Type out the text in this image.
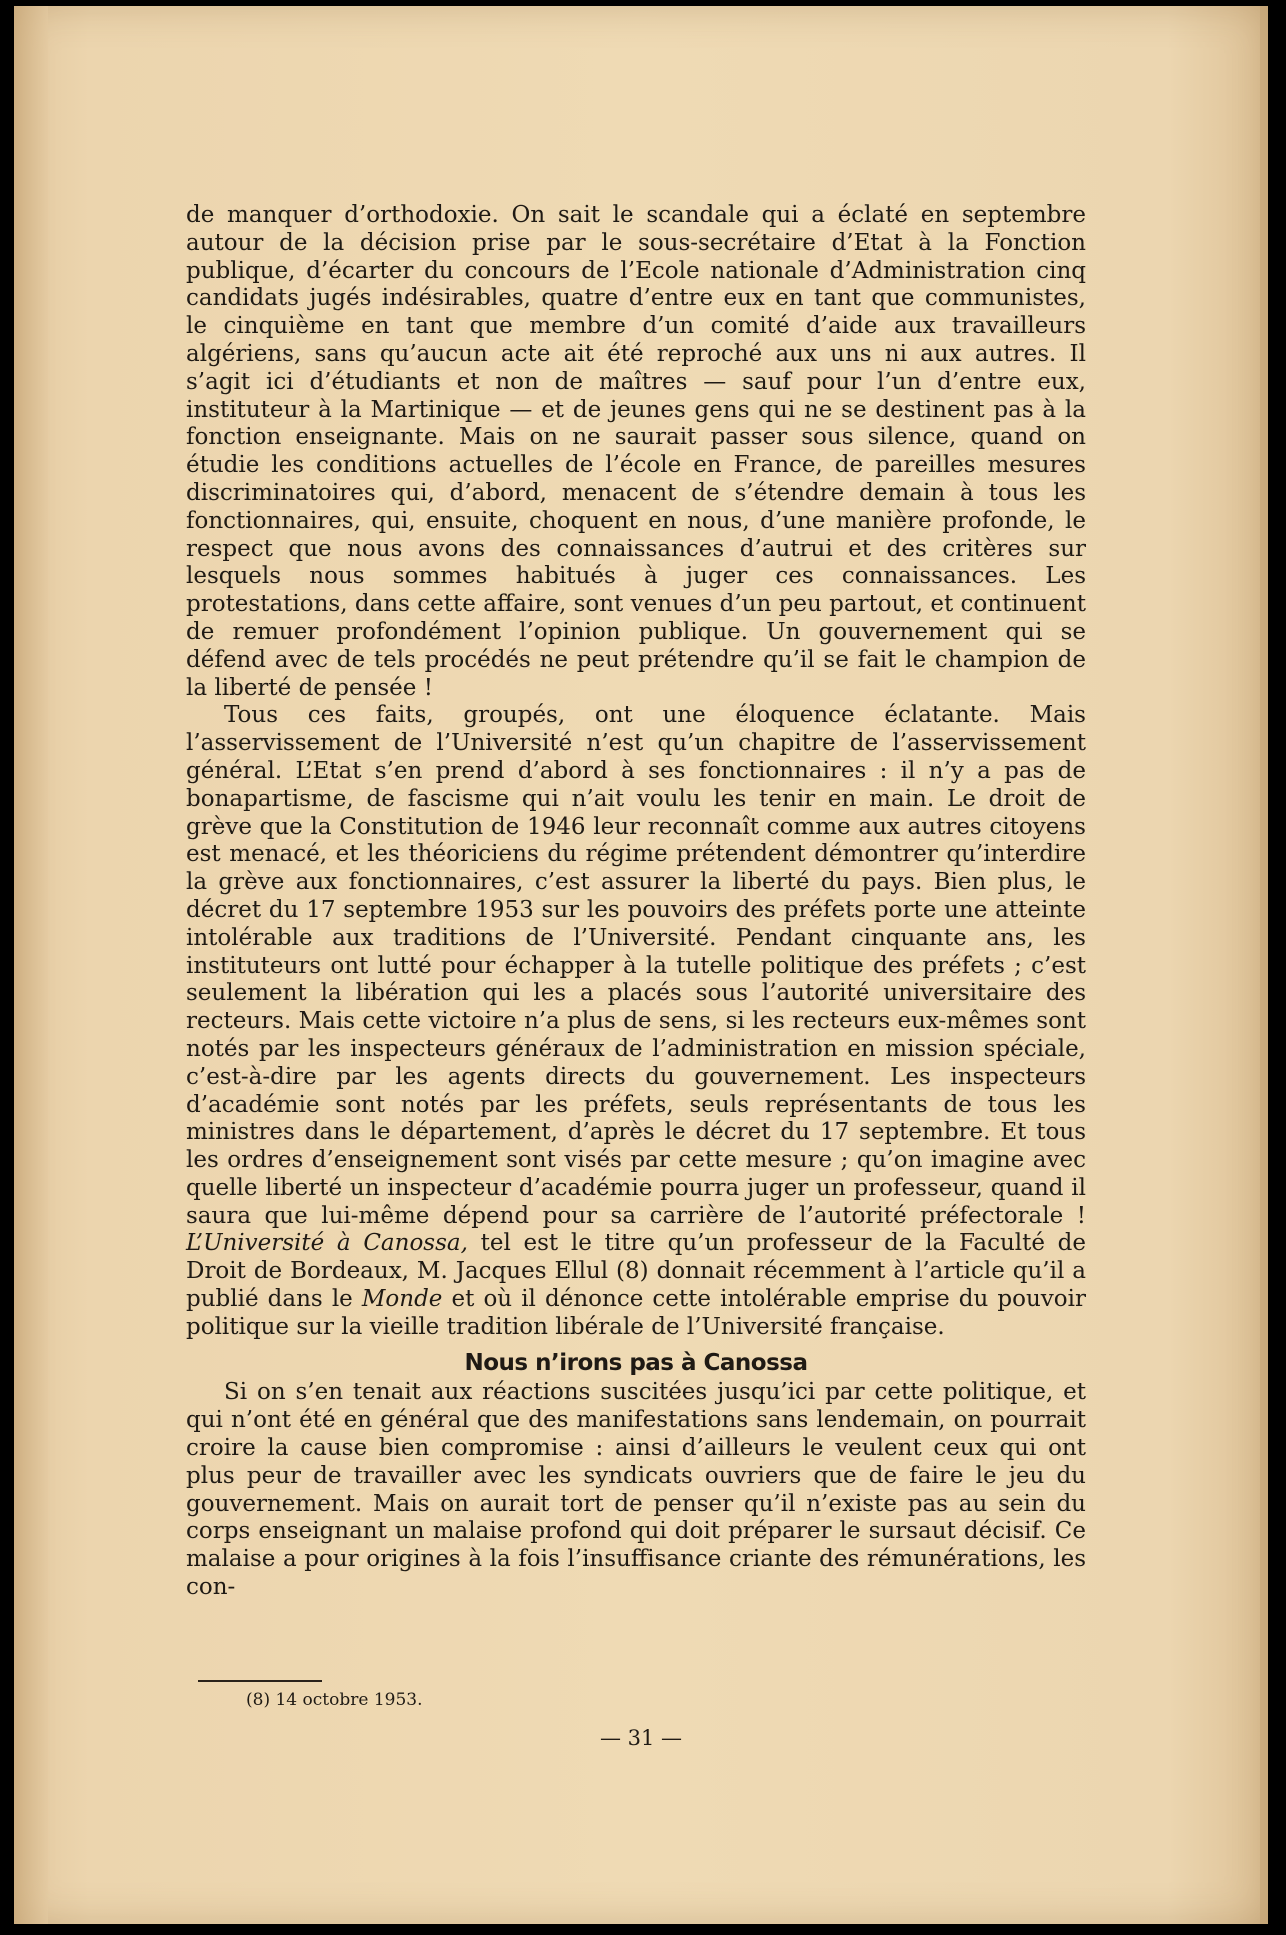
de manquer d’orthodoxie. On sait le scandale qui a éclaté en septembre autour de la décision prise par le sous-secrétaire d’Etat à la Fonction publique, d’écarter du concours de l’Ecole nationale d’Administration cinq candidats jugés indésirables, quatre d’entre eux en tant que communistes, le cinquième en tant que membre d’un comité d’aide aux travailleurs algériens, sans qu’aucun acte ait été reproché aux uns ni aux autres. Il s’agit ici d’étudiants et non de maîtres — sauf pour l’un d’entre eux, instituteur à la Martinique — et de jeunes gens qui ne se destinent pas à la fonction enseignante. Mais on ne saurait passer sous silence, quand on étudie les conditions actuelles de l’école en France, de pareilles mesures discriminatoires qui, d’abord, menacent de s’étendre demain à tous les fonctionnaires, qui, ensuite, choquent en nous, d’une manière profonde, le respect que nous avons des connaissances d’autrui et des critères sur lesquels nous sommes habitués à juger ces connaissances. Les protestations, dans cette affaire, sont venues d’un peu partout, et continuent de remuer profondément l’opinion publique. Un gouvernement qui se défend avec de tels procédés ne peut prétendre qu’il se fait le champion de la liberté de pensée !

Tous ces faits, groupés, ont une éloquence éclatante. Mais l’asservissement de l’Université n’est qu’un chapitre de l’asservissement général. L’Etat s’en prend d’abord à ses fonctionnaires : il n’y a pas de bonapartisme, de fascisme qui n’ait voulu les tenir en main. Le droit de grève que la Constitution de 1946 leur reconnaît comme aux autres citoyens est menacé, et les théoriciens du régime prétendent démontrer qu’interdire la grève aux fonctionnaires, c’est assurer la liberté du pays. Bien plus, le décret du 17 septembre 1953 sur les pouvoirs des préfets porte une atteinte intolérable aux traditions de l’Université. Pendant cinquante ans, les instituteurs ont lutté pour échapper à la tutelle politique des préfets ; c’est seulement la libération qui les a placés sous l’autorité universitaire des recteurs. Mais cette victoire n’a plus de sens, si les recteurs eux-mêmes sont notés par les inspecteurs généraux de l’administration en mission spéciale, c’est-à-dire par les agents directs du gouvernement. Les inspecteurs d’académie sont notés par les préfets, seuls représentants de tous les ministres dans le département, d’après le décret du 17 septembre. Et tous les ordres d’enseignement sont visés par cette mesure ; qu’on imagine avec quelle liberté un inspecteur d’académie pourra juger un professeur, quand il saura que lui-même dépend pour sa carrière de l’autorité préfectorale ! L’Université à Canossa, tel est le titre qu’un professeur de la Faculté de Droit de Bordeaux, M. Jacques Ellul (8) donnait récemment à l’article qu’il a publié dans le Monde et où il dénonce cette intolérable emprise du pouvoir politique sur la vieille tradition libérale de l’Université française.

Nous n’irons pas à Canossa

Si on s’en tenait aux réactions suscitées jusqu’ici par cette politique, et qui n’ont été en général que des manifestations sans lendemain, on pourrait croire la cause bien compromise : ainsi d’ailleurs le veulent ceux qui ont plus peur de travailler avec les syndicats ouvriers que de faire le jeu du gouvernement. Mais on aurait tort de penser qu’il n’existe pas au sein du corps enseignant un malaise profond qui doit préparer le sursaut décisif. Ce malaise a pour origines à la fois l’insuffisance criante des rémunérations, les con-

(8) 14 octobre 1953.
— 31 —
